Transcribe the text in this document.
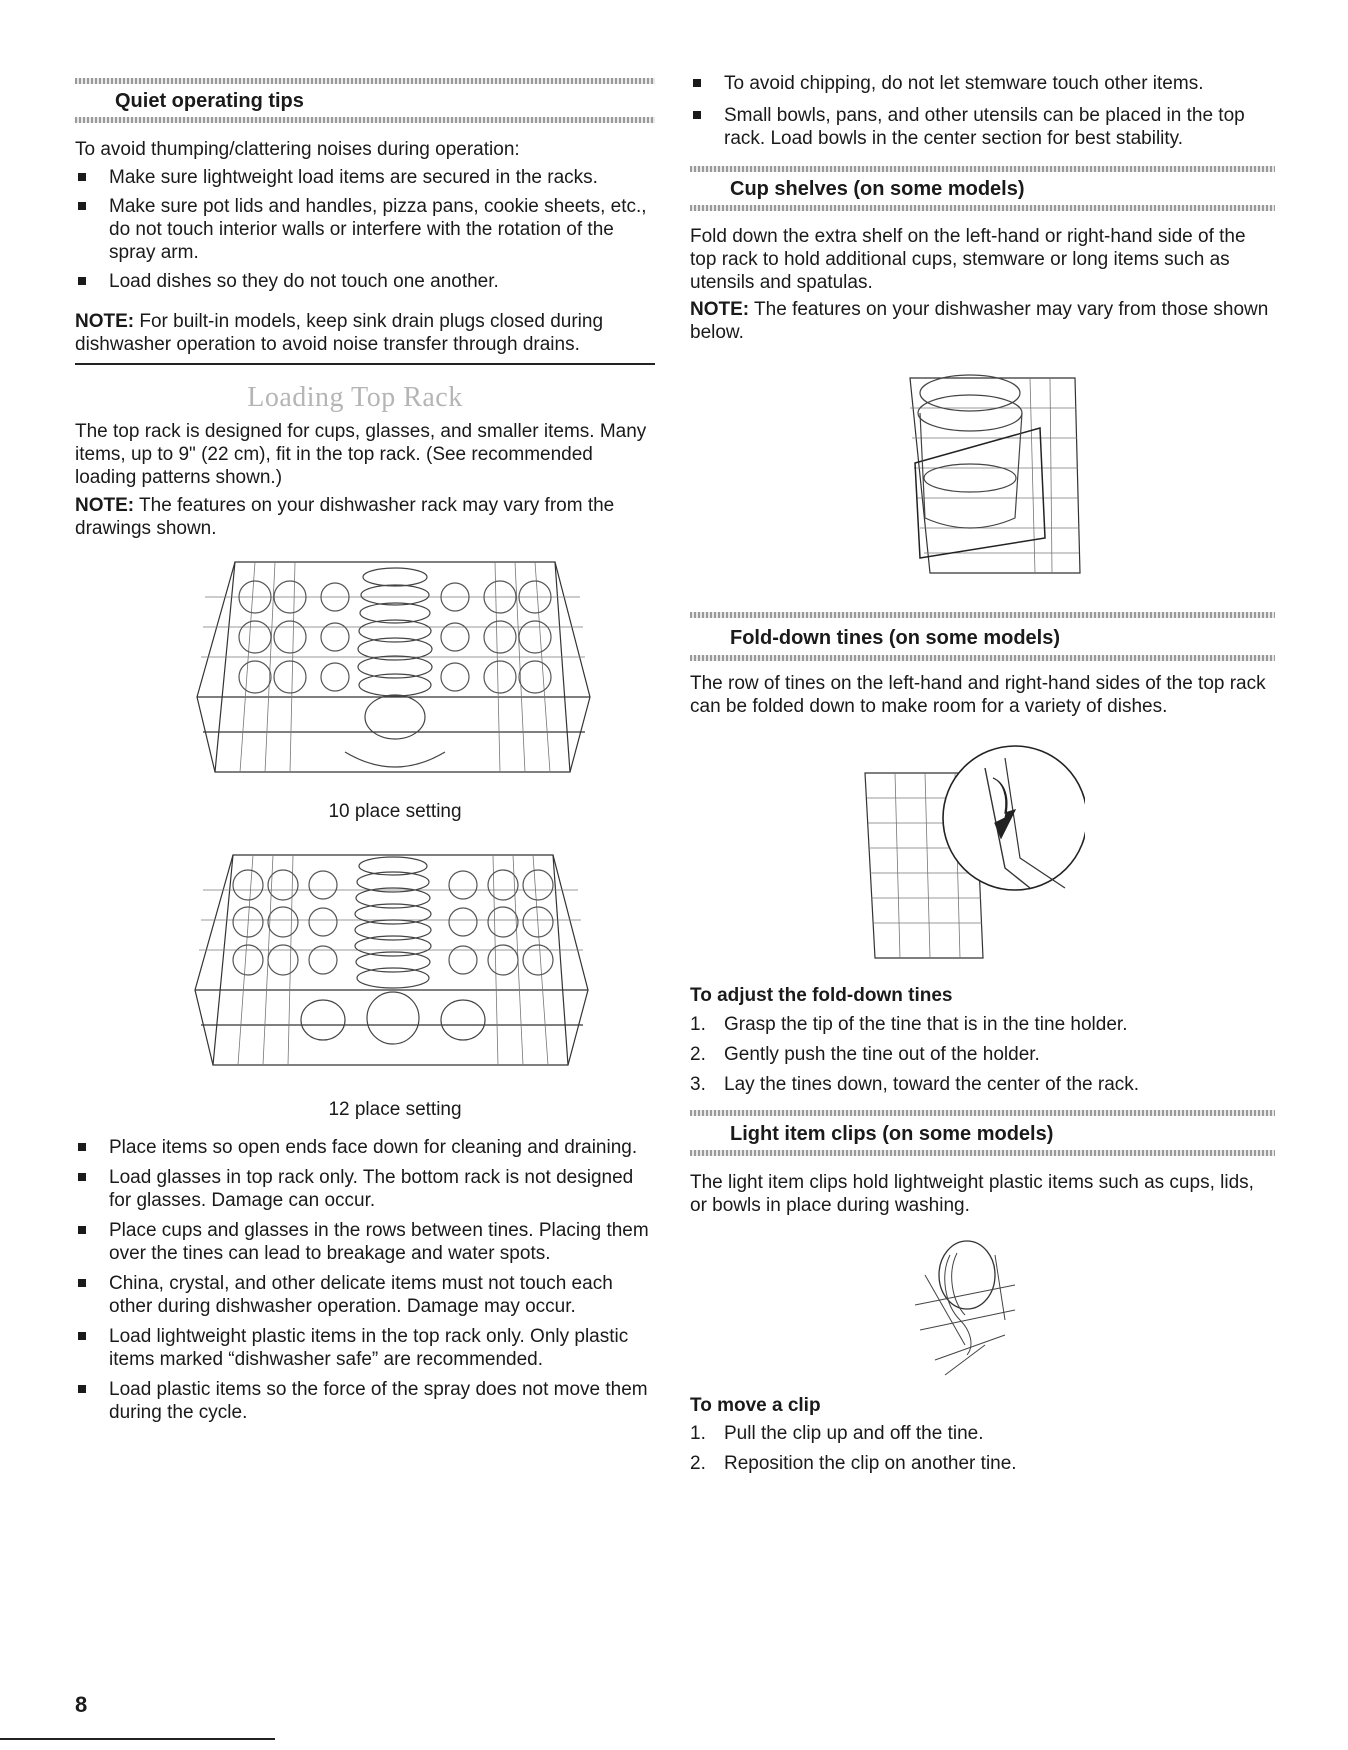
Quiet operating tips
To avoid thumping/clattering noises during operation:
Make sure lightweight load items are secured in the racks.
Make sure pot lids and handles, pizza pans, cookie sheets, etc., do not touch interior walls or interfere with the rotation of the spray arm.
Load dishes so they do not touch one another.
NOTE: For built-in models, keep sink drain plugs closed during dishwasher operation to avoid noise transfer through drains.
Loading Top Rack
The top rack is designed for cups, glasses, and smaller items. Many items, up to 9" (22 cm), fit in the top rack. (See recommended loading patterns shown.)
NOTE: The features on your dishwasher rack may vary from the drawings shown.
10 place setting
12 place setting
Place items so open ends face down for cleaning and draining.
Load glasses in top rack only. The bottom rack is not designed for glasses. Damage can occur.
Place cups and glasses in the rows between tines. Placing them over the tines can lead to breakage and water spots.
China, crystal, and other delicate items must not touch each other during dishwasher operation. Damage may occur.
Load lightweight plastic items in the top rack only. Only plastic items marked “dishwasher safe” are recommended.
Load plastic items so the force of the spray does not move them during the cycle.
8
To avoid chipping, do not let stemware touch other items.
Small bowls, pans, and other utensils can be placed in the top rack. Load bowls in the center section for best stability.
Cup shelves (on some models)
Fold down the extra shelf on the left-hand or right-hand side of the top rack to hold additional cups, stemware or long items such as utensils and spatulas.
NOTE: The features on your dishwasher may vary from those shown below.
Fold-down tines (on some models)
The row of tines on the left-hand and right-hand sides of the top rack can be folded down to make room for a variety of dishes.
To adjust the fold-down tines
1. Grasp the tip of the tine that is in the tine holder.
2. Gently push the tine out of the holder.
3. Lay the tines down, toward the center of the rack.
Light item clips (on some models)
The light item clips hold lightweight plastic items such as cups, lids, or bowls in place during washing.
To move a clip
1. Pull the clip up and off the tine.
2. Reposition the clip on another tine.
